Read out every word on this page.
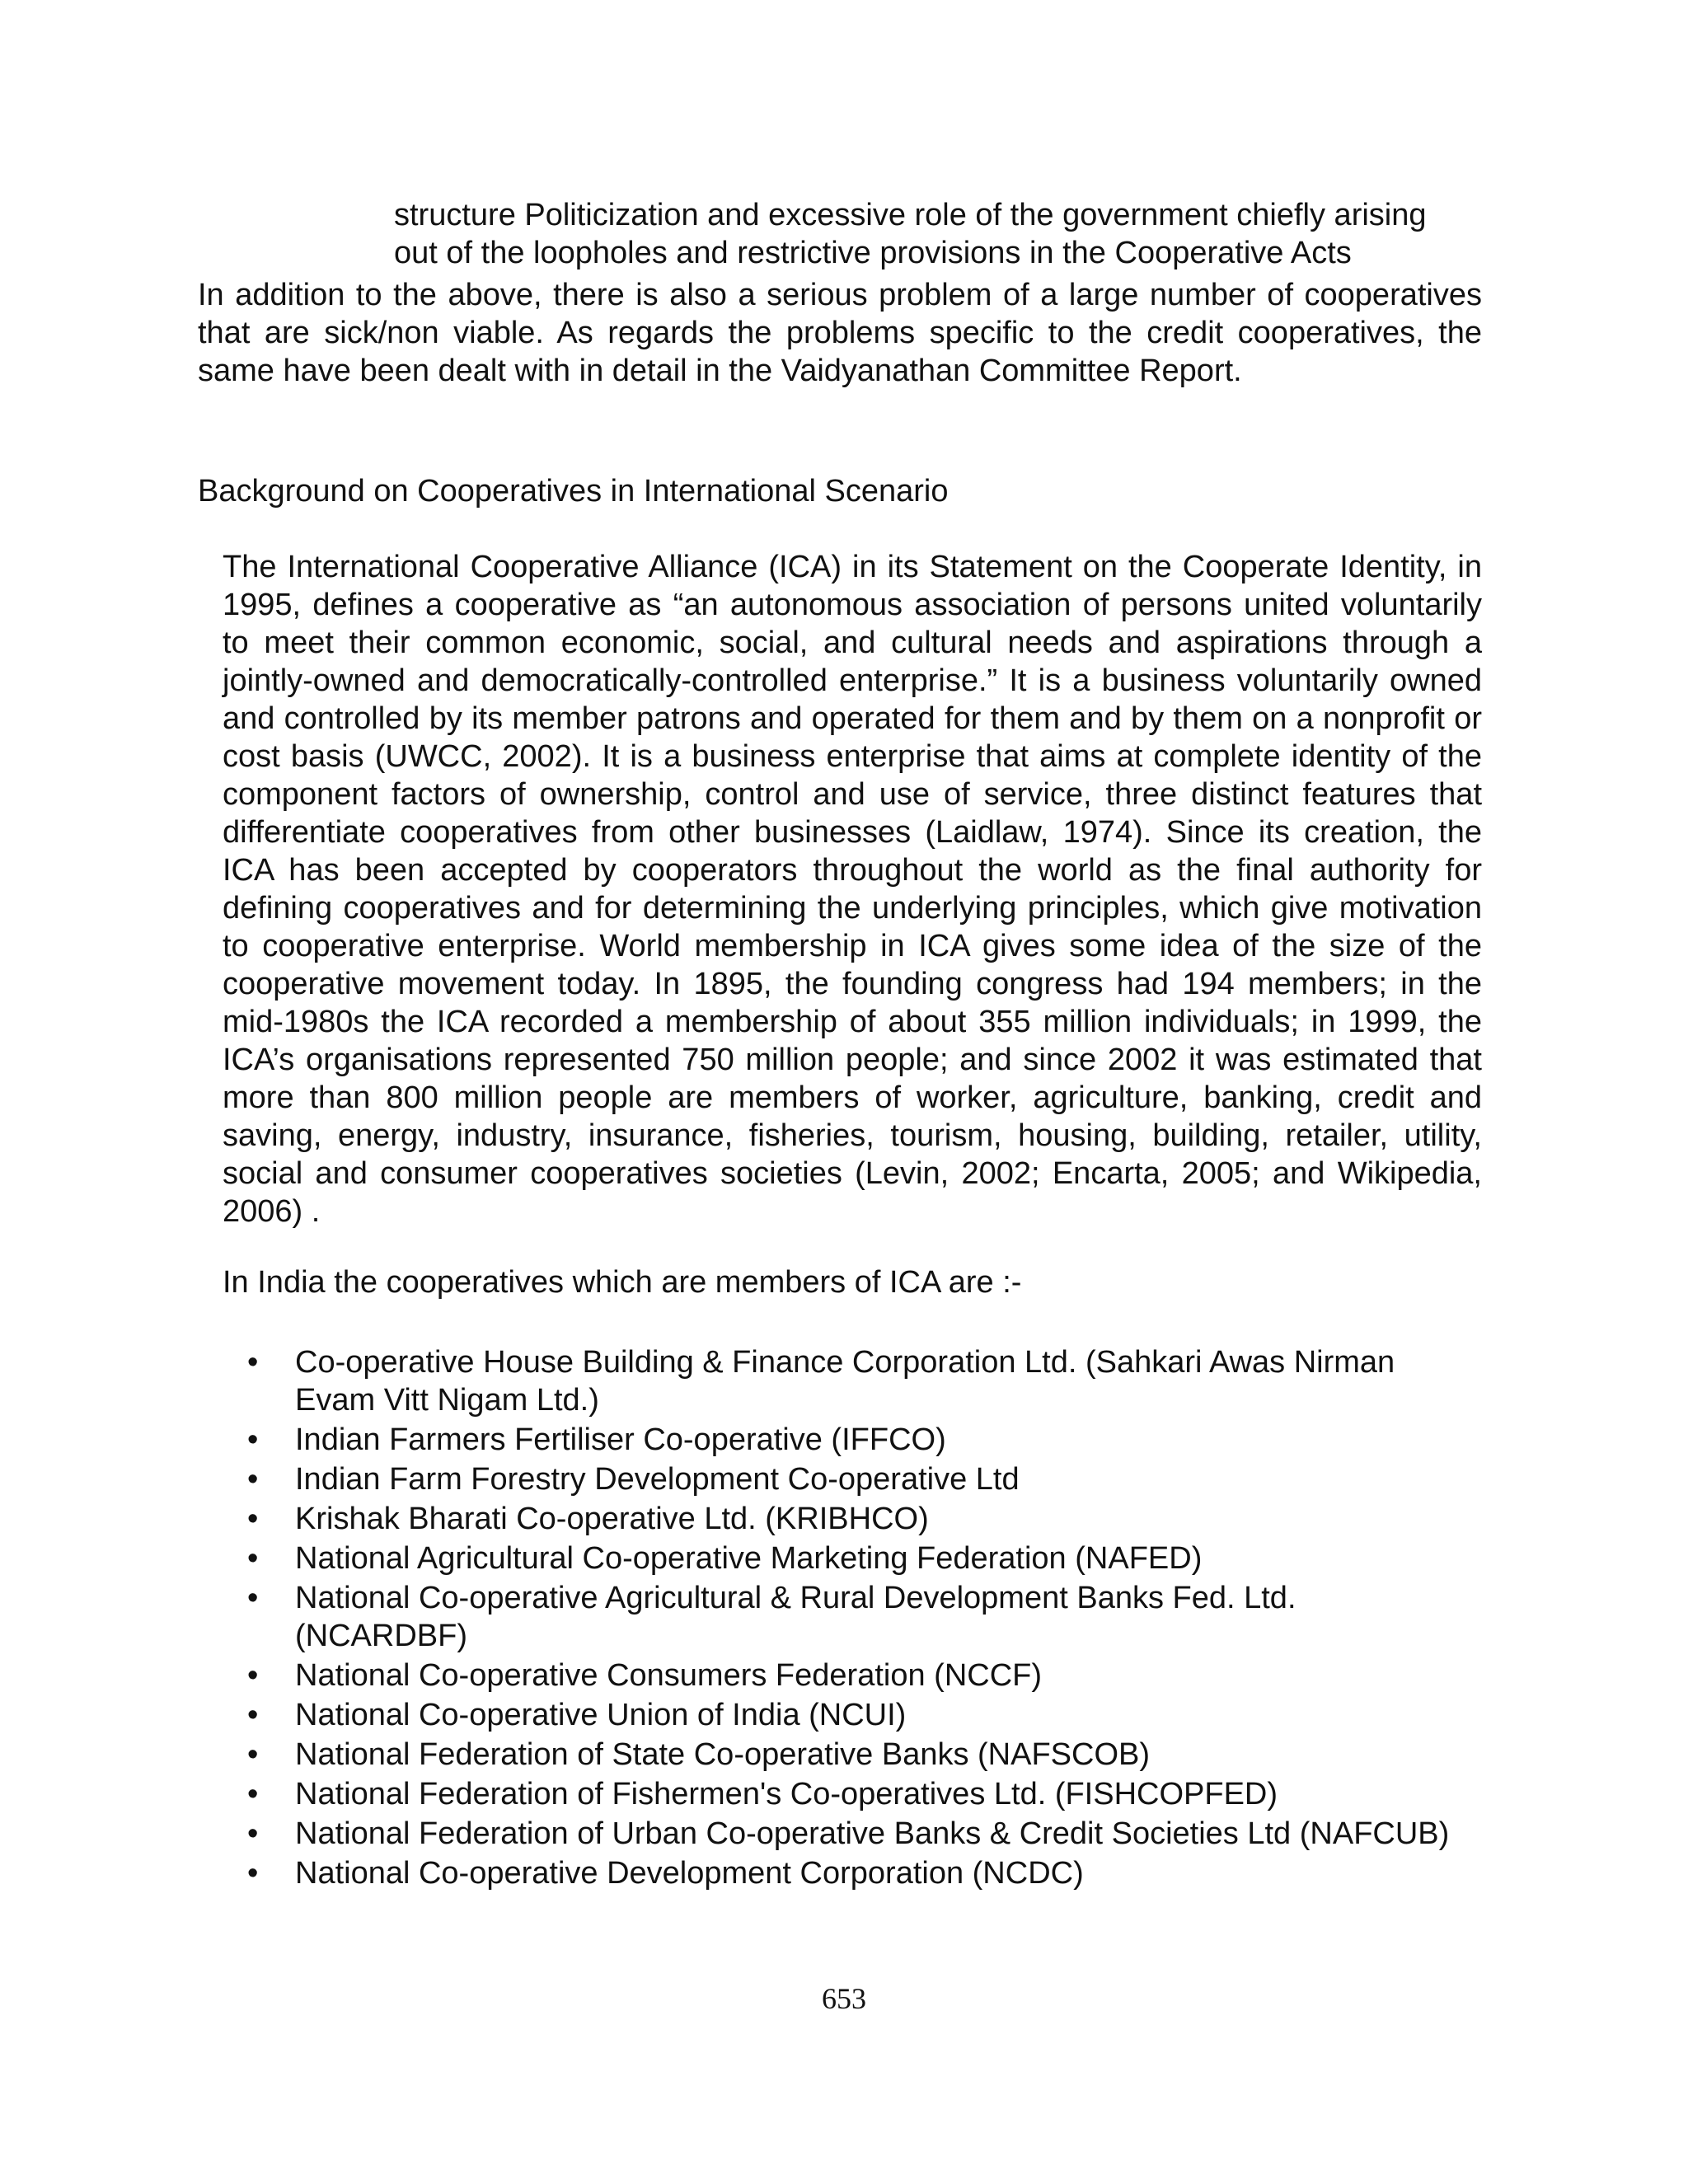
structure Politicization and excessive role of the government chiefly arising

out of the loopholes and restrictive provisions in the Cooperative Acts

In addition to the above, there is also a serious problem of a large number of cooperatives that are sick/non viable. As regards the problems specific to the credit cooperatives, the same have been dealt with in detail in the Vaidyanathan Committee Report.

Background on Cooperatives in International Scenario

The International Cooperative Alliance (ICA) in its Statement on the Cooperate Identity, in 1995, defines a cooperative as “an autonomous association of persons united voluntarily to meet their common economic, social, and cultural needs and aspirations through a jointly-owned and democratically-controlled enterprise.” It is a business voluntarily owned and controlled by its member patrons and operated for them and by them on a nonprofit or cost basis (UWCC, 2002). It is a business enterprise that aims at complete identity of the component factors of ownership, control and use of service, three distinct features that differentiate cooperatives from other businesses (Laidlaw, 1974). Since its creation, the ICA has been accepted by cooperators throughout the world as the final authority for defining cooperatives and for determining the underlying principles, which give motivation to cooperative enterprise. World membership in ICA gives some idea of the size of the cooperative movement today. In 1895, the founding congress had 194 members; in the mid-1980s the ICA recorded a membership of about 355 million individuals; in 1999, the ICA’s organisations represented 750 million people; and since 2002 it was estimated that more than 800 million people are members of worker, agriculture, banking, credit and saving, energy, industry, insurance, fisheries, tourism, housing, building, retailer, utility, social and consumer cooperatives societies (Levin, 2002; Encarta, 2005; and Wikipedia, 2006) .

In India the cooperatives which are members of ICA are :-

•	Co-operative House Building & Finance Corporation Ltd. (Sahkari Awas Nirman Evam Vitt Nigam Ltd.)
•	Indian Farmers Fertiliser Co-operative (IFFCO)
•	Indian Farm Forestry Development Co-operative Ltd
•	Krishak Bharati Co-operative Ltd. (KRIBHCO)
•	National Agricultural Co-operative Marketing Federation (NAFED)
•	National Co-operative Agricultural & Rural Development Banks Fed. Ltd. (NCARDBF)
•	National Co-operative Consumers Federation (NCCF)
•	National Co-operative Union of India (NCUI)
•	National Federation of State Co-operative Banks (NAFSCOB)
•	National Federation of Fishermen's Co-operatives Ltd. (FISHCOPFED)
•	National Federation of Urban Co-operative Banks & Credit Societies Ltd (NAFCUB)
•	National Co-operative Development Corporation (NCDC)
653
